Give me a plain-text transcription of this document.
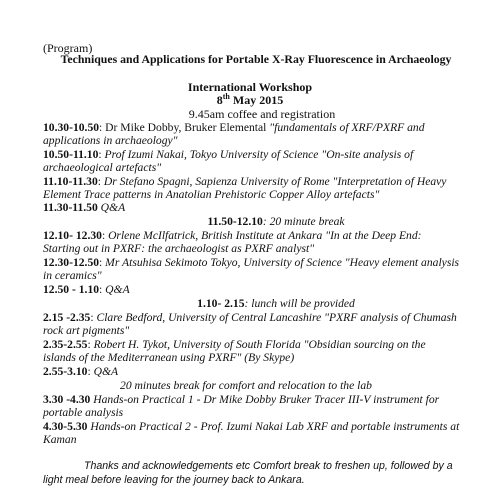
(Program)
Techniques and Applications for Portable X-Ray Fluorescence in Archaeology
International Workshop
8th May 2015
9.45am coffee and registration
10.30-10.50: Dr Mike Dobby, Bruker Elemental "fundamentals of XRF/PXRF and
applications in archaeology"
10.50-11.10: Prof Izumi Nakai, Tokyo University of Science "On-site analysis of
archaeological artefacts"
11.10-11.30: Dr Stefano Spagni, Sapienza University of Rome "Interpretation of Heavy
Element Trace patterns in Anatolian Prehistoric Copper Alloy artefacts"
11.30-11.50 Q&A
11.50-12.10: 20 minute break
12.10- 12.30: Orlene McIlfatrick, British Institute at Ankara "In at the Deep End:
Starting out in PXRF: the archaeologist as PXRF analyst"
12.30-12.50: Mr Atsuhisa Sekimoto Tokyo, University of Science "Heavy element analysis
in ceramics"
12.50 - 1.10: Q&A
1.10- 2.15: lunch will be provided
2.15 -2.35: Clare Bedford, University of Central Lancashire "PXRF analysis of Chumash
rock art pigments"
2.35-2.55: Robert H. Tykot, University of South Florida "Obsidian sourcing on the
islands of the Mediterranean using PXRF" (By Skype)
2.55-3.10: Q&A
20 minutes break for comfort and relocation to the lab
3.30 -4.30 Hands-on Practical 1 - Dr Mike Dobby Bruker Tracer III-V instrument for
portable analysis
4.30-5.30 Hands-on Practical 2 - Prof. Izumi Nakai Lab XRF and portable instruments at
Kaman
Thanks and acknowledgements etc Comfort break to freshen up, followed by a
light meal before leaving for the journey back to Ankara.
